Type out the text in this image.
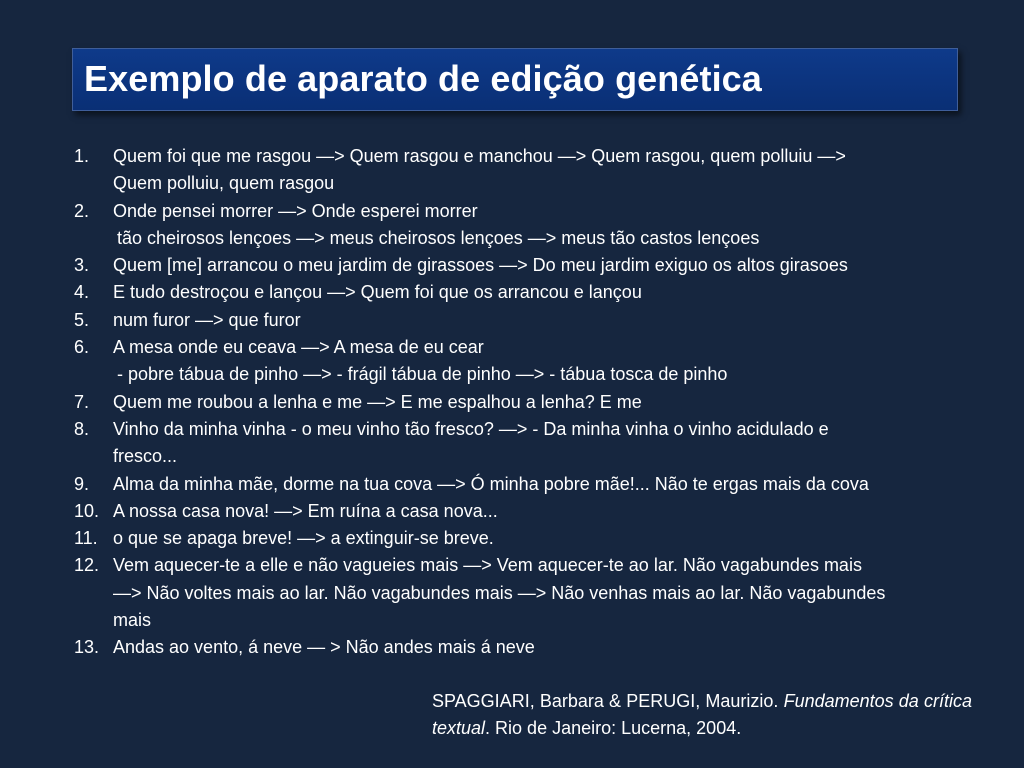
Exemplo de aparato de edição genética
1. Quem foi que me rasgou —> Quem rasgou e manchou —> Quem rasgou, quem polluiu —>
Quem polluiu, quem rasgou
2. Onde pensei morrer —> Onde esperei morrer
tão cheirosos lençoes —> meus cheirosos lençoes —> meus tão castos lençoes
3. Quem [me] arrancou o meu jardim de girassoes —> Do meu jardim exiguo os altos girasoes
4. E tudo destroçou e lançou —> Quem foi que os arrancou e lançou
5. num furor —> que furor
6. A mesa onde eu ceava —> A mesa de eu cear
- pobre tábua de pinho —> - frágil tábua de pinho —> - tábua tosca de pinho
7. Quem me roubou a lenha e me —> E me espalhou a lenha? E me
8. Vinho da minha vinha - o meu vinho tão fresco? —> - Da minha vinha o vinho acidulado e
fresco...
9. Alma da minha mãe, dorme na tua cova —> Ó minha pobre mãe!... Não te ergas mais da cova
10. A nossa casa nova! —> Em ruína a casa nova...
11. o que se apaga breve! —> a extinguir-se breve.
12. Vem aquecer-te a elle e não vagueies mais —> Vem aquecer-te ao lar. Não vagabundes mais
—> Não voltes mais ao lar. Não vagabundes mais —> Não venhas mais ao lar. Não vagabundes
mais
13. Andas ao vento, á neve — > Não andes mais á neve
SPAGGIARI, Barbara & PERUGI, Maurizio. Fundamentos da crítica textual. Rio de Janeiro: Lucerna, 2004.
